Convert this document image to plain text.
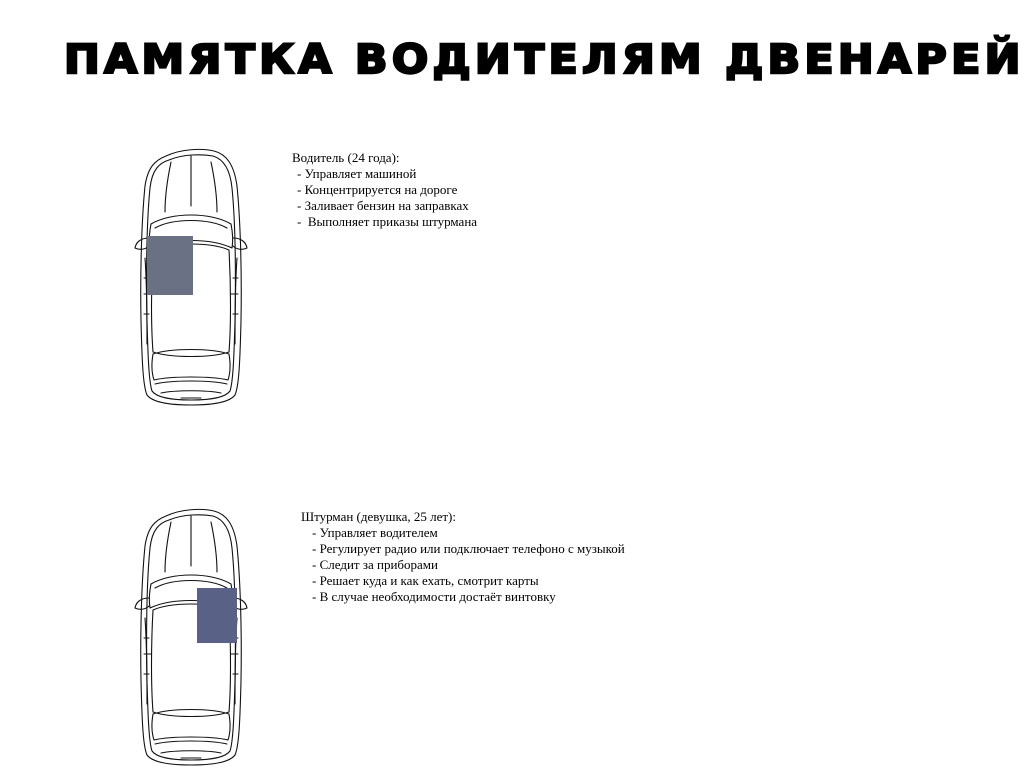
ПАМЯТКА ВОДИТЕЛЯМ ДВЕНАРЕЙ
Водитель (24 года):
- Управляет машиной
- Концентрируется на дороге
- Заливает бензин на заправках
-  Выполняет приказы штурмана
Штурман (девушка, 25 лет):
- Управляет водителем
- Регулирует радио или подключает телефоно с музыкой
- Следит за приборами
- Решает куда и как ехать, смотрит карты
- В случае необходимости достаёт винтовку
